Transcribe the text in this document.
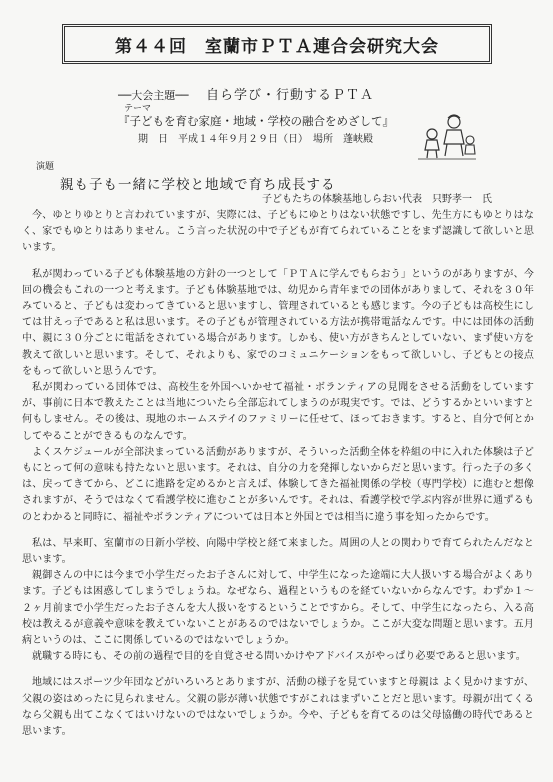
第４４回　室蘭市ＰＴＡ連合会研究大会
──大会主題── 自ら学び・行動するＰＴＡ
テーマ
『子どもを育む家庭・地域・学校の融合をめざして』
期　日　平成１４年９月２９日（日）　場所　蓬峡殿
演題
親も子も一緒に学校と地域で育ち成長する
子どもたちの体験基地しらおい代表　只野孝一　氏

今、ゆとりゆとりと言われていますが、実際には、子どもにゆとりはない状態ですし、先生方にもゆとりはなく、家でもゆとりはありません。こう言った状況の中で子どもが育てられていることをまず認識して欲しいと思います。

私が関わっている子ども体験基地の方針の一つとして「ＰＴＡに学んでもらおう」というのがありますが、今回の機会もこれの一つと考えます。子ども体験基地では、幼児から青年までの団体がありまして、それを３０年みていると、子どもは変わってきていると思いますし、管理されているとも感じます。今の子どもは高校生にしては甘えっ子であると私は思います。その子どもが管理されている方法が携帯電話なんです。中には団体の活動中、親に３０分ごとに電話をされている場合があります。しかも、使い方がきちんとしていない、まず使い方を教えて欲しいと思います。そして、それよりも、家でのコミュニケーションをもって欲しいし、子どもとの接点をもって欲しいと思うんです。

私が関わっている団体では、高校生を外国へいかせて福祉・ボランティアの見聞をさせる活動をしていますが、事前に日本で教えたことは当地についたら全部忘れてしまうのが現実です。では、どうするかといいますと何もしません。その後は、現地のホームステイのファミリーに任せて、ほっておきます。すると、自分で何とかしてやることができるものなんです。

よくスケジュールが全部決まっている活動がありますが、そういった活動全体を枠組の中に入れた体験は子どもにとって何の意味も持たないと思います。それは、自分の力を発揮しないからだと思います。行った子の多くは、戻ってきてから、どこに進路を定めるかと言えば、体験してきた福祉関係の学校（専門学校）に進むと想像されますが、そうではなくて看護学校に進むことが多いんです。それは、看護学校で学ぶ内容が世界に通ずるものとわかると同時に、福祉やボランティアについては日本と外国とでは相当に違う事を知ったからです。

私は、早来町、室蘭市の日新小学校、向陽中学校と経て来ました。周囲の人との関わりで育てられたんだなと思います。

親御さんの中には今まで小学生だったお子さんに対して、中学生になった途端に大人扱いする場合がよくあります。子どもは困惑してしまうでしょうね。なぜなら、過程というものを経ていないからなんです。わずか１～２ヶ月前まで小学生だったお子さんを大人扱いをするということですから。そして、中学生になったら、入る高校は教えるが意義や意味を教えていないことがあるのではないでしょうか。ここが大変な問題と思います。五月病というのは、ここに関係しているのではないでしょうか。

就職する時にも、その前の過程で目的を自覚させる問いかけやアドバイスがやっぱり必要であると思います。

地域にはスポーツ少年団などがいろいろとありますが、活動の様子を見ていますと母親は よく見かけますが、父親の姿はめったに見られません。父親の影が薄い状態ですがこれはまずいことだと思います。母親が出てくるなら父親も出てこなくてはいけないのではないでしょうか。今や、子どもを育てるのは父母協働の時代であると思います。
